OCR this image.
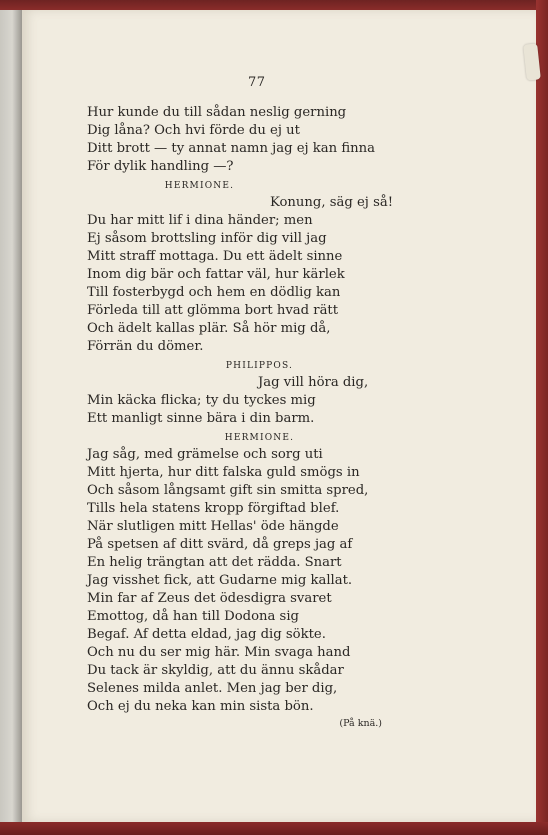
77
Hur kunde du till sådan neslig gerning
Dig låna? Och hvi förde du ej ut
Ditt brott — ty annat namn jag ej kan finna
För dylik handling —?
HERMIONE.
Konung, säg ej så!
Du har mitt lif i dina händer; men
Ej såsom brottsling inför dig vill jag
Mitt straff mottaga. Du ett ädelt sinne
Inom dig bär och fattar väl, hur kärlek
Till fosterbygd och hem en dödlig kan
Förleda till att glömma bort hvad rätt
Och ädelt kallas plär. Så hör mig då,
Förrän du dömer.
PHILIPPOS.
Jag vill höra dig,
Min käcka flicka; ty du tyckes mig
Ett manligt sinne bära i din barm.
HERMIONE.
Jag såg, med grämelse och sorg uti
Mitt hjerta, hur ditt falska guld smögs in
Och såsom långsamt gift sin smitta spred,
Tills hela statens kropp förgiftad blef.
När slutligen mitt Hellas' öde hängde
På spetsen af ditt svärd, då greps jag af
En helig trängtan att det rädda. Snart
Jag visshet fick, att Gudarne mig kallat.
Min far af Zeus det ödesdigra svaret
Emottog, då han till Dodona sig
Begaf. Af detta eldad, jag dig sökte.
Och nu du ser mig här. Min svaga hand
Du tack är skyldig, att du ännu skådar
Selenes milda anlet. Men jag ber dig,
Och ej du neka kan min sista bön.
(På knä.)
